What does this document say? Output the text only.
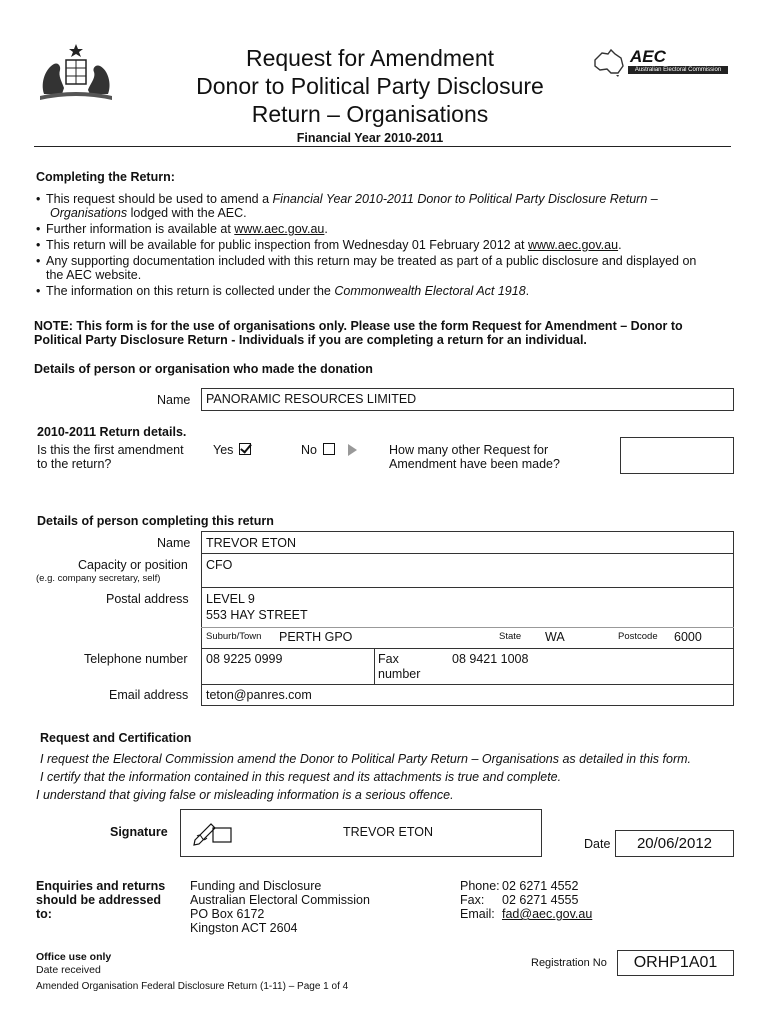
Request for Amendment
Donor to Political Party Disclosure
Return – Organisations
Financial Year 2010-2011
AEC
Australian Electoral Commission
Completing the Return:
• This request should be used to amend a Financial Year 2010-2011 Donor to Political Party Disclosure Return –
Organisations lodged with the AEC.
• Further information is available at www.aec.gov.au.
• This return will be available for public inspection from Wednesday 01 February 2012 at www.aec.gov.au.
• Any supporting documentation included with this return may be treated as part of a public disclosure and displayed on
the AEC website.
• The information on this return is collected under the Commonwealth Electoral Act 1918.
NOTE: This form is for the use of organisations only. Please use the form Request for Amendment – Donor to
Political Party Disclosure Return - Individuals if you are completing a return for an individual.
Details of person or organisation who made the donation
Name PANORAMIC RESOURCES LIMITED
2010-2011 Return details.
Is this the first amendment
to the return?
Yes	No	How many other Request for
Amendment have been made?
Details of person completing this return
Name TREVOR ETON
Capacity or position
(e.g. company secretary, self)
CFO
Postal address LEVEL 9
553 HAY STREET
Suburb/Town PERTH GPO	State WA	Postcode 6000
Telephone number 08 9225 0999	Fax
number
08 9421 1008
Email address teton@panres.com
Request and Certification
I request the Electoral Commission amend the Donor to Political Party Return – Organisations as detailed in this form.
I certify that the information contained in this request and its attachments is true and complete.
I understand that giving false or misleading information is a serious offence.
Signature	TREVOR ETON
Date	20/06/2012
Enquiries and returns
should be addressed
to:
Funding and Disclosure
Australian Electoral Commission
PO Box 6172
Kingston ACT 2604
Phone: 02 6271 4552
Fax: 02 6271 4555
Email: fad@aec.gov.au
Office use only
Date received
Registration No	ORHP1A01
Amended Organisation Federal Disclosure Return (1-11) – Page 1 of 4
